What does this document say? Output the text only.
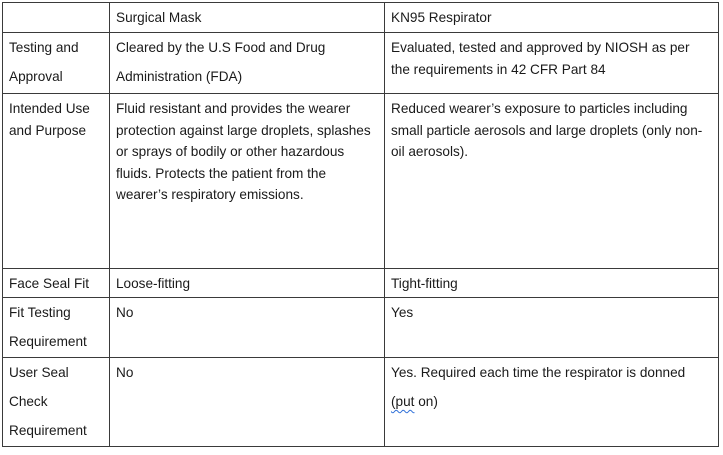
	Surgical Mask	KN95 Respirator

Testing and Approval	Cleared by the U.S Food and Drug Administration (FDA)	Evaluated, tested and approved by NIOSH as per the requirements in 42 CFR Part 84

Intended Use and Purpose	Fluid resistant and provides the wearer protection against large droplets, splashes or sprays of bodily or other hazardous fluids. Protects the patient from the wearer’s respiratory emissions.	Reduced wearer’s exposure to particles including small particle aerosols and large droplets (only non-oil aerosols).

Face Seal Fit	Loose-fitting	Tight-fitting

Fit Testing Requirement	No	Yes

User Seal Check Requirement	No	Yes. Required each time the respirator is donned (put on)
